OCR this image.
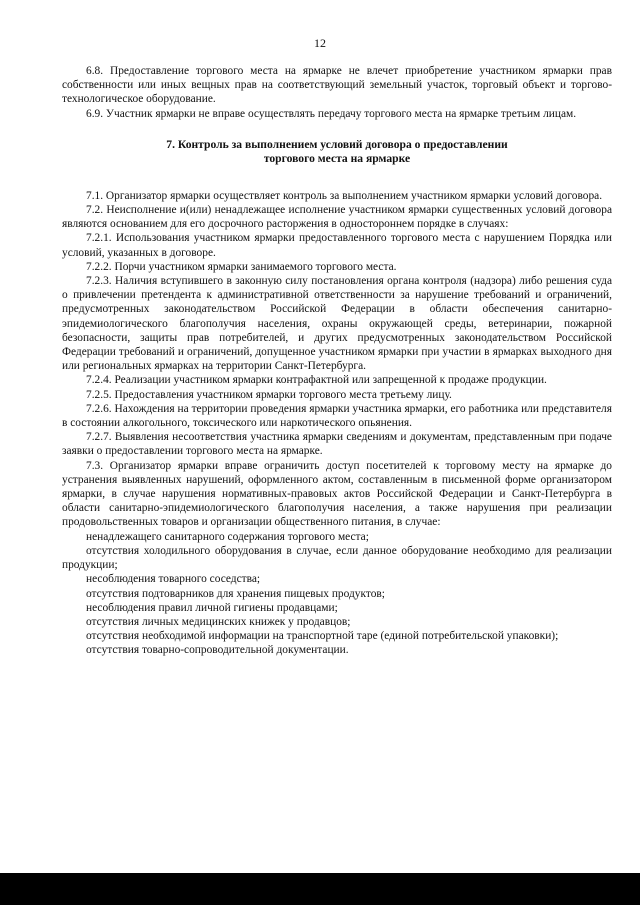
12

6.8. Предоставление торгового места на ярмарке не влечет приобретение участником ярмарки прав собственности или иных вещных прав на соответствующий земельный участок, торговый объект и торгово-технологическое оборудование.

6.9. Участник ярмарки не вправе осуществлять передачу торгового места на ярмарке третьим лицам.

7. Контроль за выполнением условий договора о предоставлении торгового места на ярмарке

7.1. Организатор ярмарки осуществляет контроль за выполнением участником ярмарки условий договора.

7.2. Неисполнение и(или) ненадлежащее исполнение участником ярмарки существенных условий договора являются основанием для его досрочного расторжения в одностороннем порядке в случаях:

7.2.1. Использования участником ярмарки предоставленного торгового места с нарушением Порядка или условий, указанных в договоре.

7.2.2. Порчи участником ярмарки занимаемого торгового места.

7.2.3. Наличия вступившего в законную силу постановления органа контроля (надзора) либо решения суда о привлечении претендента к административной ответственности за нарушение требований и ограничений, предусмотренных законодательством Российской Федерации в области обеспечения санитарно-эпидемиологического благополучия населения, охраны окружающей среды, ветеринарии, пожарной безопасности, защиты прав потребителей, и других предусмотренных законодательством Российской Федерации требований и ограничений, допущенное участником ярмарки при участии в ярмарках выходного дня или региональных ярмарках на территории Санкт-Петербурга.

7.2.4. Реализации участником ярмарки контрафактной или запрещенной к продаже продукции.

7.2.5. Предоставления участником ярмарки торгового места третьему лицу.

7.2.6. Нахождения на территории проведения ярмарки участника ярмарки, его работника или представителя в состоянии алкогольного, токсического или наркотического опьянения.

7.2.7. Выявления несоответствия участника ярмарки сведениям и документам, представленным при подаче заявки о предоставлении торгового места на ярмарке.

7.3. Организатор ярмарки вправе ограничить доступ посетителей к торговому месту на ярмарке до устранения выявленных нарушений, оформленного актом, составленным в письменной форме организатором ярмарки, в случае нарушения нормативных-правовых актов Российской Федерации и Санкт-Петербурга в области санитарно-эпидемиологического благополучия населения, а также нарушения при реализации продовольственных товаров и организации общественного питания, в случае:

ненадлежащего санитарного содержания торгового места;

отсутствия холодильного оборудования в случае, если данное оборудование необходимо для реализации продукции;

несоблюдения товарного соседства;

отсутствия подтоварников для хранения пищевых продуктов;

несоблюдения правил личной гигиены продавцами;

отсутствия личных медицинских книжек у продавцов;

отсутствия необходимой информации на транспортной таре (единой потребительской упаковки);

отсутствия товарно-сопроводительной документации.
